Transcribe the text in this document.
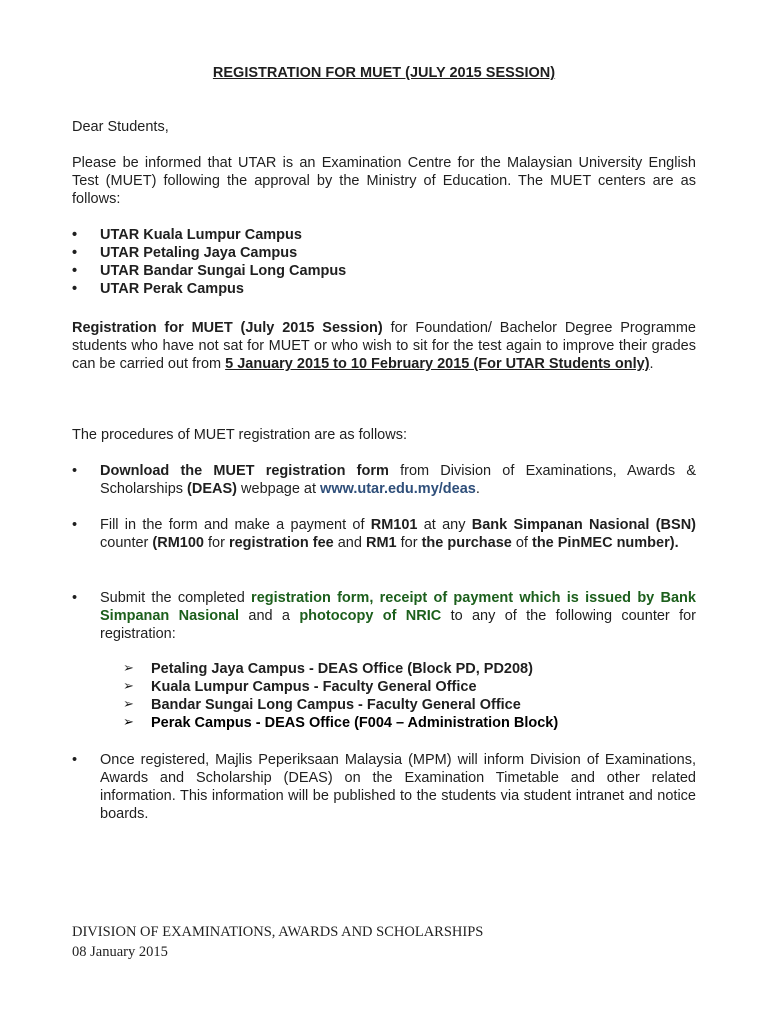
REGISTRATION FOR MUET (JULY 2015 SESSION)
Dear Students,
Please be informed that UTAR is an Examination Centre for the Malaysian University English Test (MUET) following the approval by the Ministry of Education. The MUET centers are as follows:
• UTAR Kuala Lumpur Campus
• UTAR Petaling Jaya Campus
• UTAR Bandar Sungai Long Campus
• UTAR Perak Campus
Registration for MUET (July 2015 Session) for Foundation/ Bachelor Degree Programme students who have not sat for MUET or who wish to sit for the test again to improve their grades can be carried out from 5 January 2015 to 10 February 2015 (For UTAR Students only).
The procedures of MUET registration are as follows:
• Download the MUET registration form from Division of Examinations, Awards & Scholarships (DEAS) webpage at www.utar.edu.my/deas.
• Fill in the form and make a payment of RM101 at any Bank Simpanan Nasional (BSN) counter (RM100 for registration fee and RM1 for the purchase of the PinMEC number).
• Submit the completed registration form, receipt of payment which is issued by Bank Simpanan Nasional and a photocopy of NRIC to any of the following counter for registration:
➢ Petaling Jaya Campus - DEAS Office (Block PD, PD208)
➢ Kuala Lumpur Campus - Faculty General Office
➢ Bandar Sungai Long Campus - Faculty General Office
➢ Perak Campus - DEAS Office (F004 – Administration Block)
• Once registered, Majlis Peperiksaan Malaysia (MPM) will inform Division of Examinations, Awards and Scholarship (DEAS) on the Examination Timetable and other related information. This information will be published to the students via student intranet and notice boards.
DIVISION OF EXAMINATIONS, AWARDS AND SCHOLARSHIPS
08 January 2015
